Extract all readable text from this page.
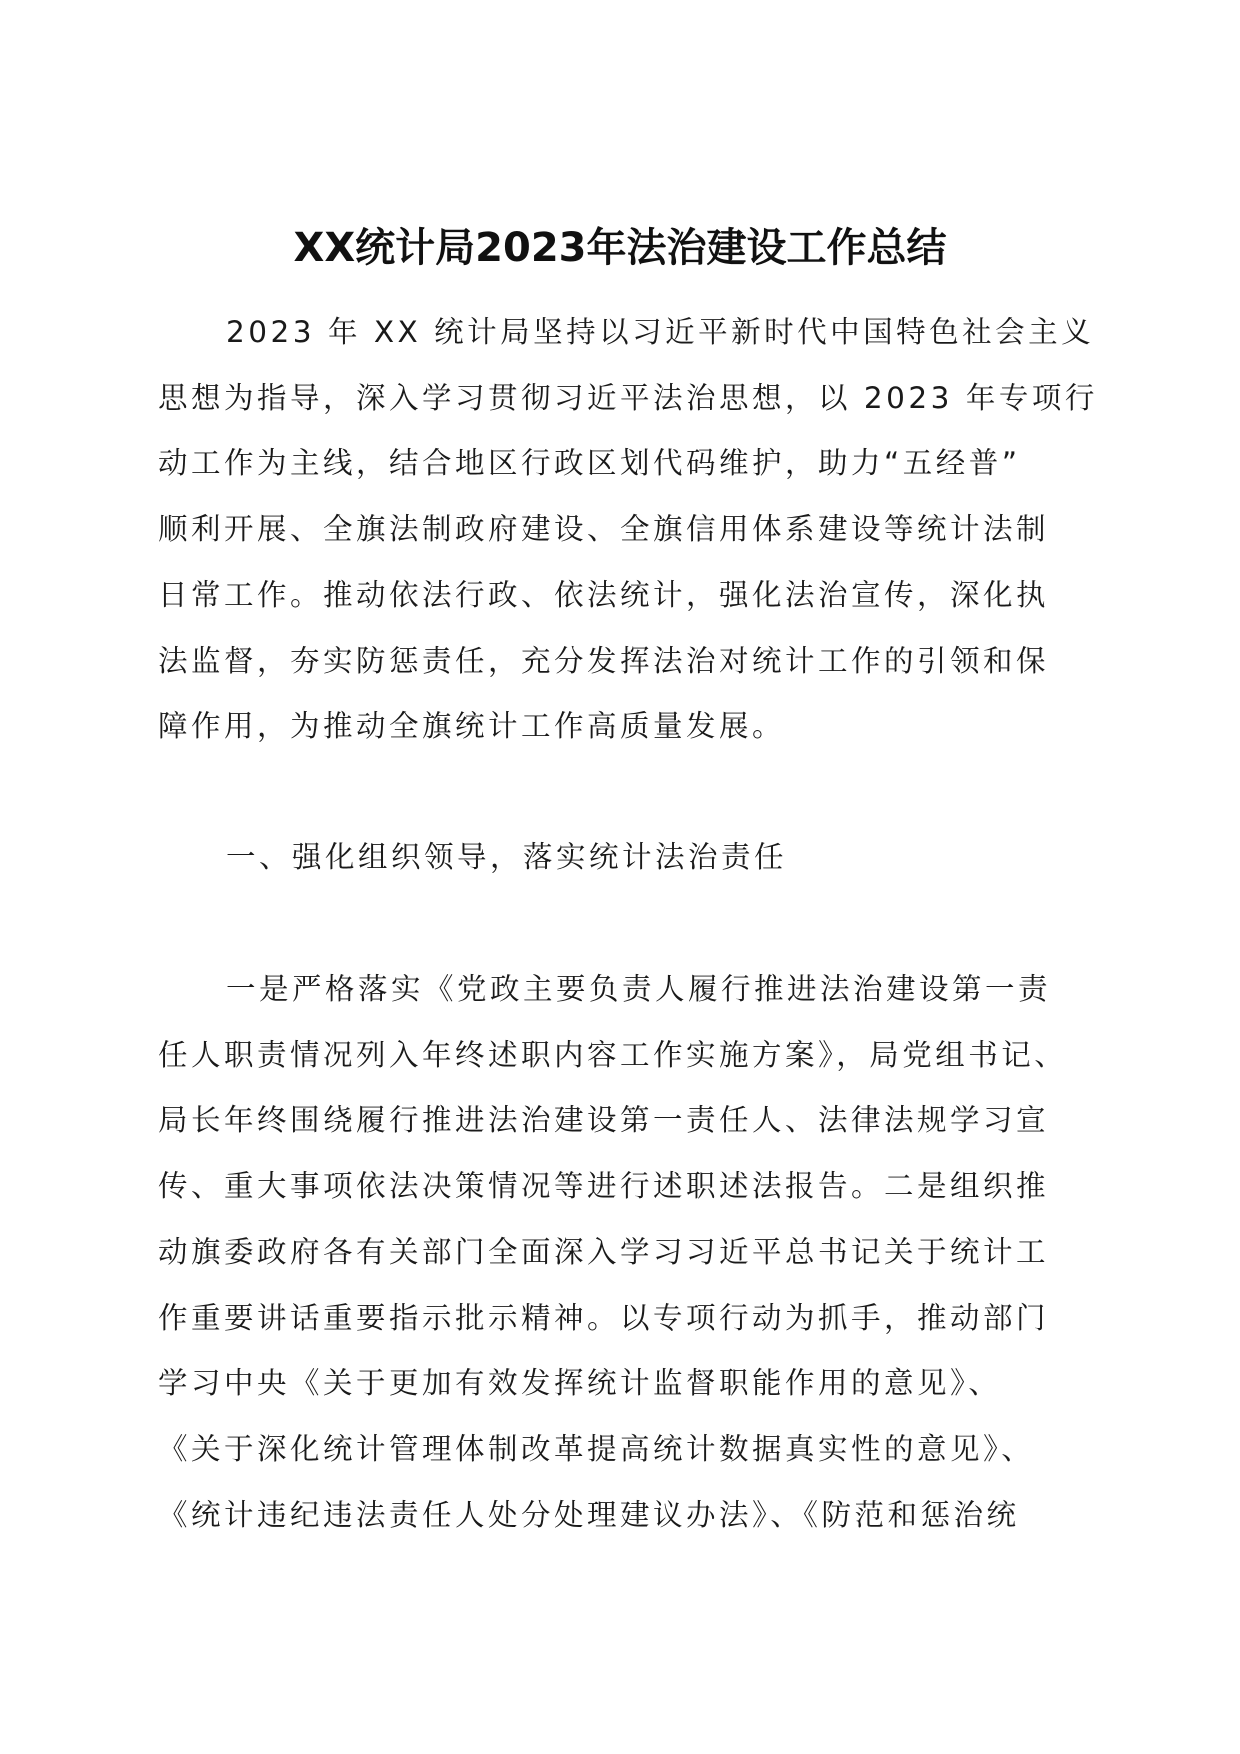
XX统计局2023年法治建设工作总结

2023 年 XX 统计局坚持以习近平新时代中国特色社会主义

思想为指导，深入学习贯彻习近平法治思想，以 2023 年专项行

动工作为主线，结合地区行政区划代码维护，助力“五经普”

顺利开展、全旗法制政府建设、全旗信用体系建设等统计法制

日常工作。推动依法行政、依法统计，强化法治宣传，深化执

法监督，夯实防惩责任，充分发挥法治对统计工作的引领和保

障作用，为推动全旗统计工作高质量发展。

一、强化组织领导，落实统计法治责任

一是严格落实《党政主要负责人履行推进法治建设第一责

任人职责情况列入年终述职内容工作实施方案》，局党组书记、

局长年终围绕履行推进法治建设第一责任人、法律法规学习宣

传、重大事项依法决策情况等进行述职述法报告。二是组织推

动旗委政府各有关部门全面深入学习习近平总书记关于统计工

作重要讲话重要指示批示精神。以专项行动为抓手，推动部门

学习中央《关于更加有效发挥统计监督职能作用的意见》、

《关于深化统计管理体制改革提高统计数据真实性的意见》、

《统计违纪违法责任人处分处理建议办法》、《防范和惩治统
